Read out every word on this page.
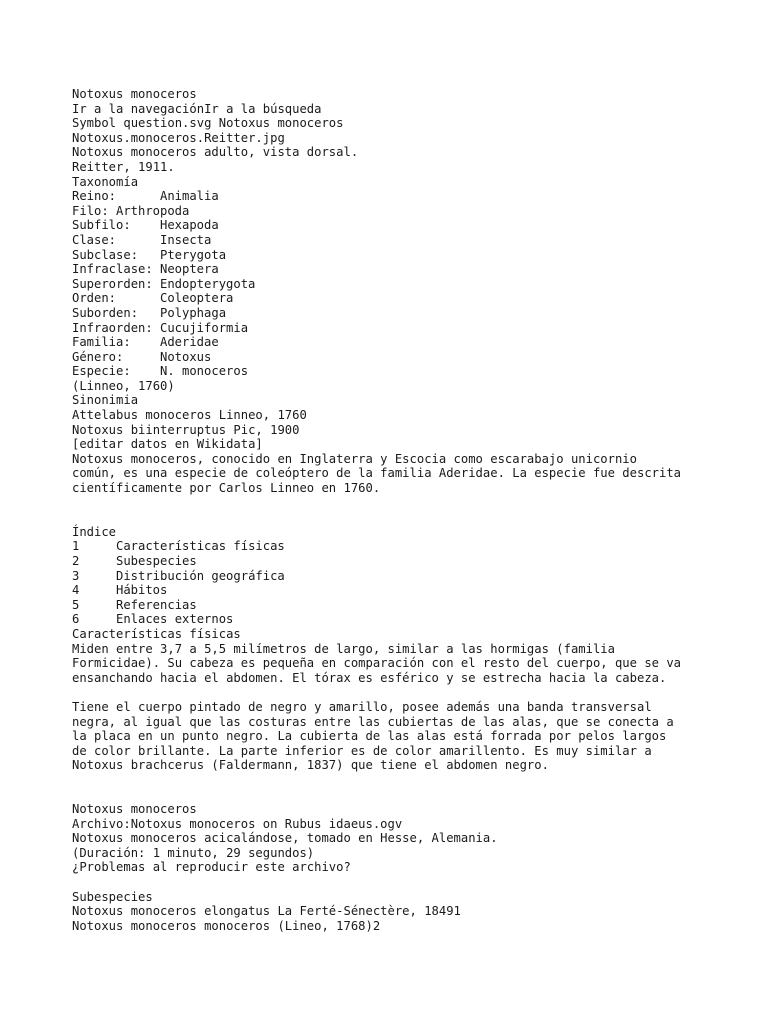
Notoxus monoceros
Ir a la navegaciónIr a la búsqueda
Symbol question.svg Notoxus monoceros
Notoxus.monoceros.Reitter.jpg
Notoxus monoceros adulto, vista dorsal.
Reitter, 1911.
Taxonomía
Reino:	Animalia
Filo: Arthropoda
Subfilo:	Hexapoda
Clase:	Insecta
Subclase:	Pterygota
Infraclase: Neoptera
Superorden: Endopterygota
Orden:	Coleoptera
Suborden:	Polyphaga
Infraorden: Cucujiformia
Familia:	Aderidae
Género:	Notoxus
Especie:	N. monoceros
(Linneo, 1760)
Sinonimia
Attelabus monoceros Linneo, 1760
Notoxus biinterruptus Pic, 1900
[editar datos en Wikidata]
Notoxus monoceros, conocido en Inglaterra y Escocia como escarabajo unicornio
común, es una especie de coleóptero de la familia Aderidae. La especie fue descrita
científicamente por Carlos Linneo en 1760.
Índice
1	Características físicas
2	Subespecies
3	Distribución geográfica
4	Hábitos
5	Referencias
6	Enlaces externos
Características físicas
Miden entre 3,7 a 5,5 milímetros de largo, similar a las hormigas (familia
Formicidae). Su cabeza es pequeña en comparación con el resto del cuerpo, que se va
ensanchando hacia el abdomen. El tórax es esférico y se estrecha hacia la cabeza.
Tiene el cuerpo pintado de negro y amarillo, posee además una banda transversal
negra, al igual que las costuras entre las cubiertas de las alas, que se conecta a
la placa en un punto negro. La cubierta de las alas está forrada por pelos largos
de color brillante. La parte inferior es de color amarillento. Es muy similar a
Notoxus brachcerus (Faldermann, 1837) que tiene el abdomen negro.
Notoxus monoceros
Archivo:Notoxus monoceros on Rubus idaeus.ogv
Notoxus monoceros acicalándose, tomado en Hesse, Alemania.
(Duración: 1 minuto, 29 segundos)
¿Problemas al reproducir este archivo?
Subespecies
Notoxus monoceros elongatus La Ferté-Sénectère, 18491
Notoxus monoceros monoceros (Lineo, 1768)2
